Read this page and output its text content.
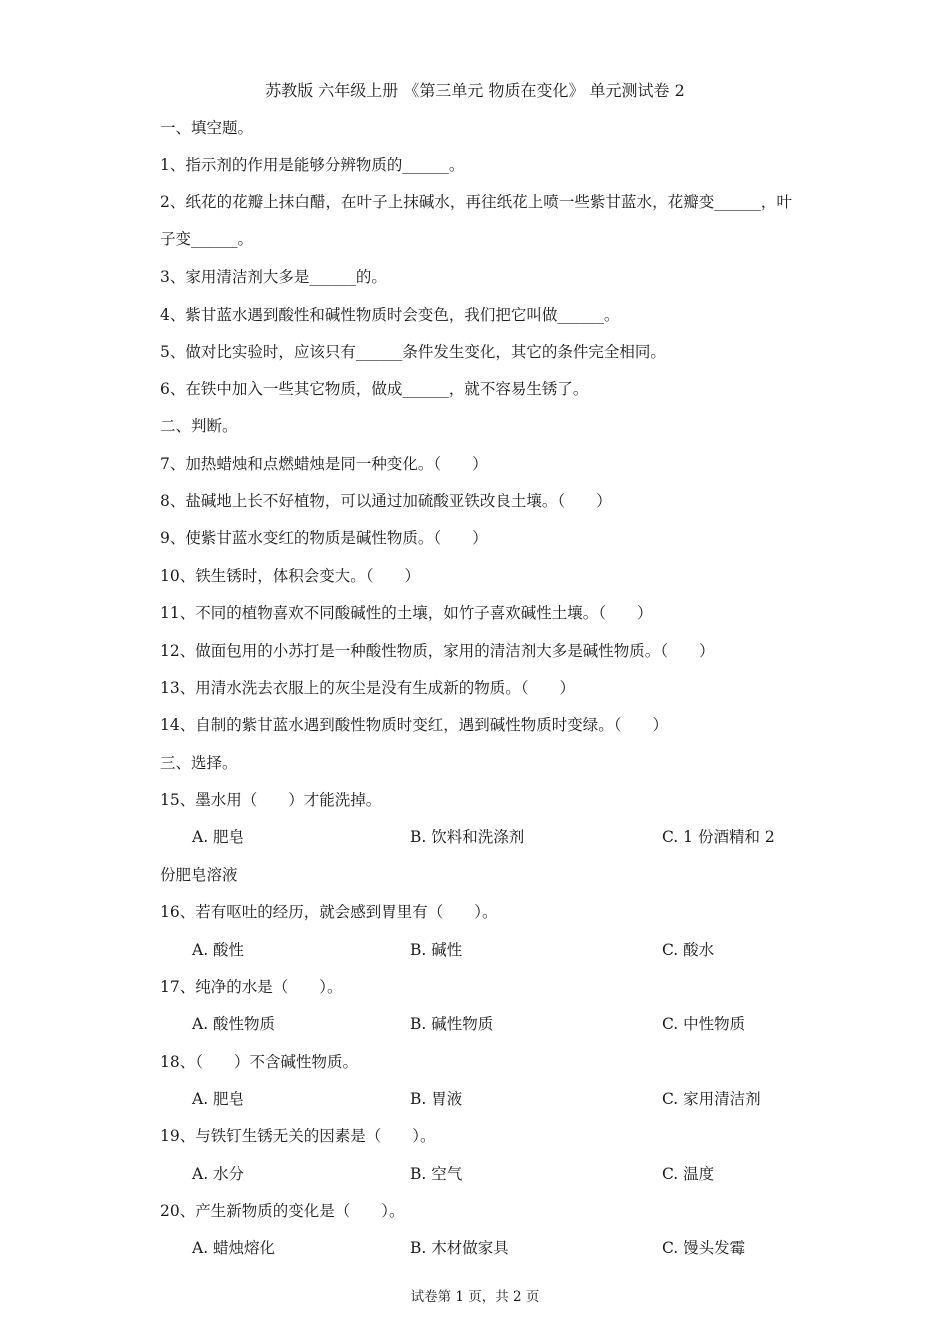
苏教版 六年级上册 《第三单元 物质在变化》 单元测试卷 2
一、填空题。
1、指示剂的作用是能够分辨物质的______。
2、纸花的花瓣上抹白醋，在叶子上抹碱水，再往纸花上喷一些紫甘蓝水，花瓣变______，叶子变______。
3、家用清洁剂大多是______的。
4、紫甘蓝水遇到酸性和碱性物质时会变色，我们把它叫做______。
5、做对比实验时，应该只有______条件发生变化，其它的条件完全相同。
6、在铁中加入一些其它物质，做成______，就不容易生锈了。
二、判断。
7、加热蜡烛和点燃蜡烛是同一种变化。（　　）
8、盐碱地上长不好植物，可以通过加硫酸亚铁改良土壤。（　　）
9、使紫甘蓝水变红的物质是碱性物质。（　　）
10、铁生锈时，体积会变大。（　　）
11、不同的植物喜欢不同酸碱性的土壤，如竹子喜欢碱性土壤。（　　）
12、做面包用的小苏打是一种酸性物质，家用的清洁剂大多是碱性物质。（　　）
13、用清水洗去衣服上的灰尘是没有生成新的物质。（　　）
14、自制的紫甘蓝水遇到酸性物质时变红，遇到碱性物质时变绿。（　　）
三、选择。
15、墨水用（　　）才能洗掉。
A. 肥皂	B. 饮料和洗涤剂	C. 1 份酒精和 2
份肥皂溶液
16、若有呕吐的经历，就会感到胃里有（　　）。
A. 酸性	B. 碱性	C. 酸水
17、纯净的水是（　　）。
A. 酸性物质	B. 碱性物质	C. 中性物质
18、（　　）不含碱性物质。
A. 肥皂	B. 胃液	C. 家用清洁剂
19、与铁钉生锈无关的因素是（　　）。
A. 水分	B. 空气	C. 温度
20、产生新物质的变化是（　　）。
A. 蜡烛熔化	B. 木材做家具	C. 馒头发霉
试卷第 1 页，共 2 页
